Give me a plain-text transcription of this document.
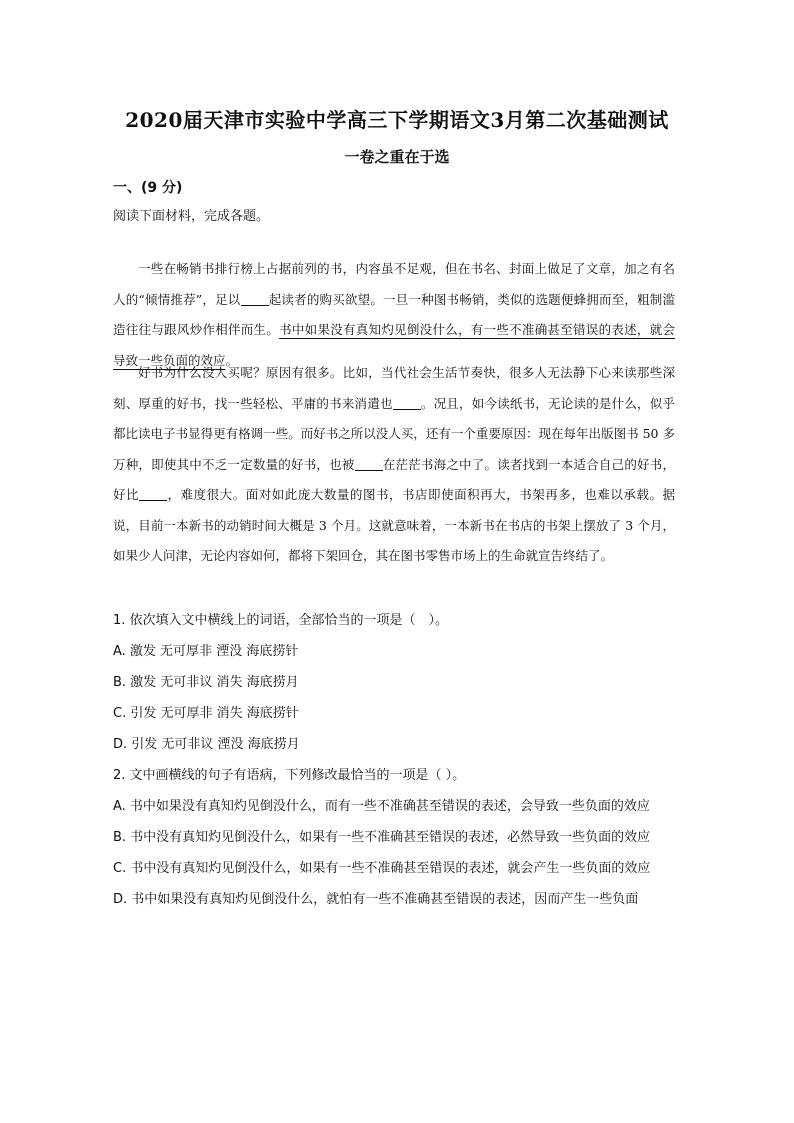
2020届天津市实验中学高三下学期语文3月第二次基础测试
一卷之重在于选
一、(9 分)
阅读下面材料，完成各题。

一些在畅销书排行榜上占据前列的书，内容虽不足观，但在书名、封面上做足了文章，加之有名人的“倾情推荐”，足以 起读者的购买欲望。一旦一种图书畅销，类似的选题便蜂拥而至，粗制滥造往往与跟风炒作相伴而生。书中如果没有真知灼见倒没什么，有一些不准确甚至错误的表述，就会导致一些负面的效应。

好书为什么没人买呢？原因有很多。比如，当代社会生活节奏快，很多人无法静下心来读那些深刻、厚重的好书，找一些轻松、平庸的书来消遣也 。况且，如今读纸书，无论读的是什么，似乎都比读电子书显得更有格调一些。而好书之所以没人买，还有一个重要原因：现在每年出版图书 50 多万种，即使其中不乏一定数量的好书，也被 在茫茫书海之中了。读者找到一本适合自己的好书，好比 ，难度很大。面对如此庞大数量的图书，书店即使面积再大，书架再多，也难以承载。据说，目前一本新书的动销时间大概是 3 个月。这就意味着，一本新书在书店的书架上摆放了 3 个月，如果少人问津，无论内容如何，都将下架回仓，其在图书零售市场上的生命就宣告终结了。

1. 依次填入文中横线上的词语，全部恰当的一项是（　）。
A. 激发 无可厚非 湮没 海底捞针
B. 激发 无可非议 消失 海底捞月
C. 引发 无可厚非 消失 海底捞针
D. 引发 无可非议 湮没 海底捞月
2. 文中画横线的句子有语病，下列修改最恰当的一项是（ ）。
A. 书中如果没有真知灼见倒没什么，而有一些不准确甚至错误的表述，会导致一些负面的效应
B. 书中没有真知灼见倒没什么，如果有一些不准确甚至错误的表述，必然导致一些负面的效应
C. 书中没有真知灼见倒没什么，如果有一些不准确甚至错误的表述，就会产生一些负面的效应
D. 书中如果没有真知灼见倒没什么，就怕有一些不准确甚至错误的表述，因而产生一些负面
